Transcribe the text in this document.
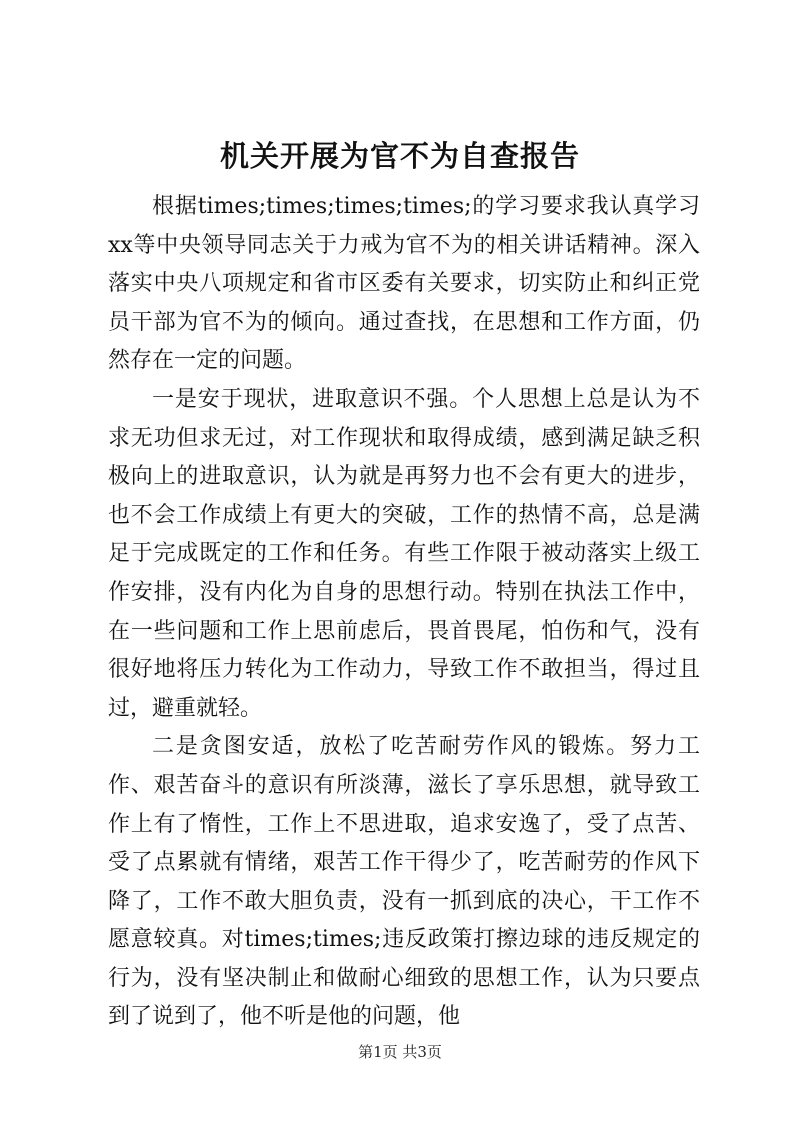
机关开展为官不为自查报告

根据times;times;times;times;的学习要求我认真学习xx等中央领导同志关于力戒为官不为的相关讲话精神。深入落实中央八项规定和省市区委有关要求，切实防止和纠正党员干部为官不为的倾向。通过查找，在思想和工作方面，仍然存在一定的问题。

一是安于现状，进取意识不强。个人思想上总是认为不求无功但求无过，对工作现状和取得成绩，感到满足缺乏积极向上的进取意识，认为就是再努力也不会有更大的进步，也不会工作成绩上有更大的突破，工作的热情不高，总是满足于完成既定的工作和任务。有些工作限于被动落实上级工作安排，没有内化为自身的思想行动。特别在执法工作中，在一些问题和工作上思前虑后，畏首畏尾，怕伤和气，没有很好地将压力转化为工作动力，导致工作不敢担当，得过且过，避重就轻。

二是贪图安适，放松了吃苦耐劳作风的锻炼。努力工作、艰苦奋斗的意识有所淡薄，滋长了享乐思想，就导致工作上有了惰性，工作上不思进取，追求安逸了，受了点苦、受了点累就有情绪，艰苦工作干得少了，吃苦耐劳的作风下降了，工作不敢大胆负责，没有一抓到底的决心，干工作不愿意较真。对times;times;违反政策打擦边球的违反规定的行为，没有坚决制止和做耐心细致的思想工作，认为只要点到了说到了，他不听是他的问题，他

第1页 共3页
